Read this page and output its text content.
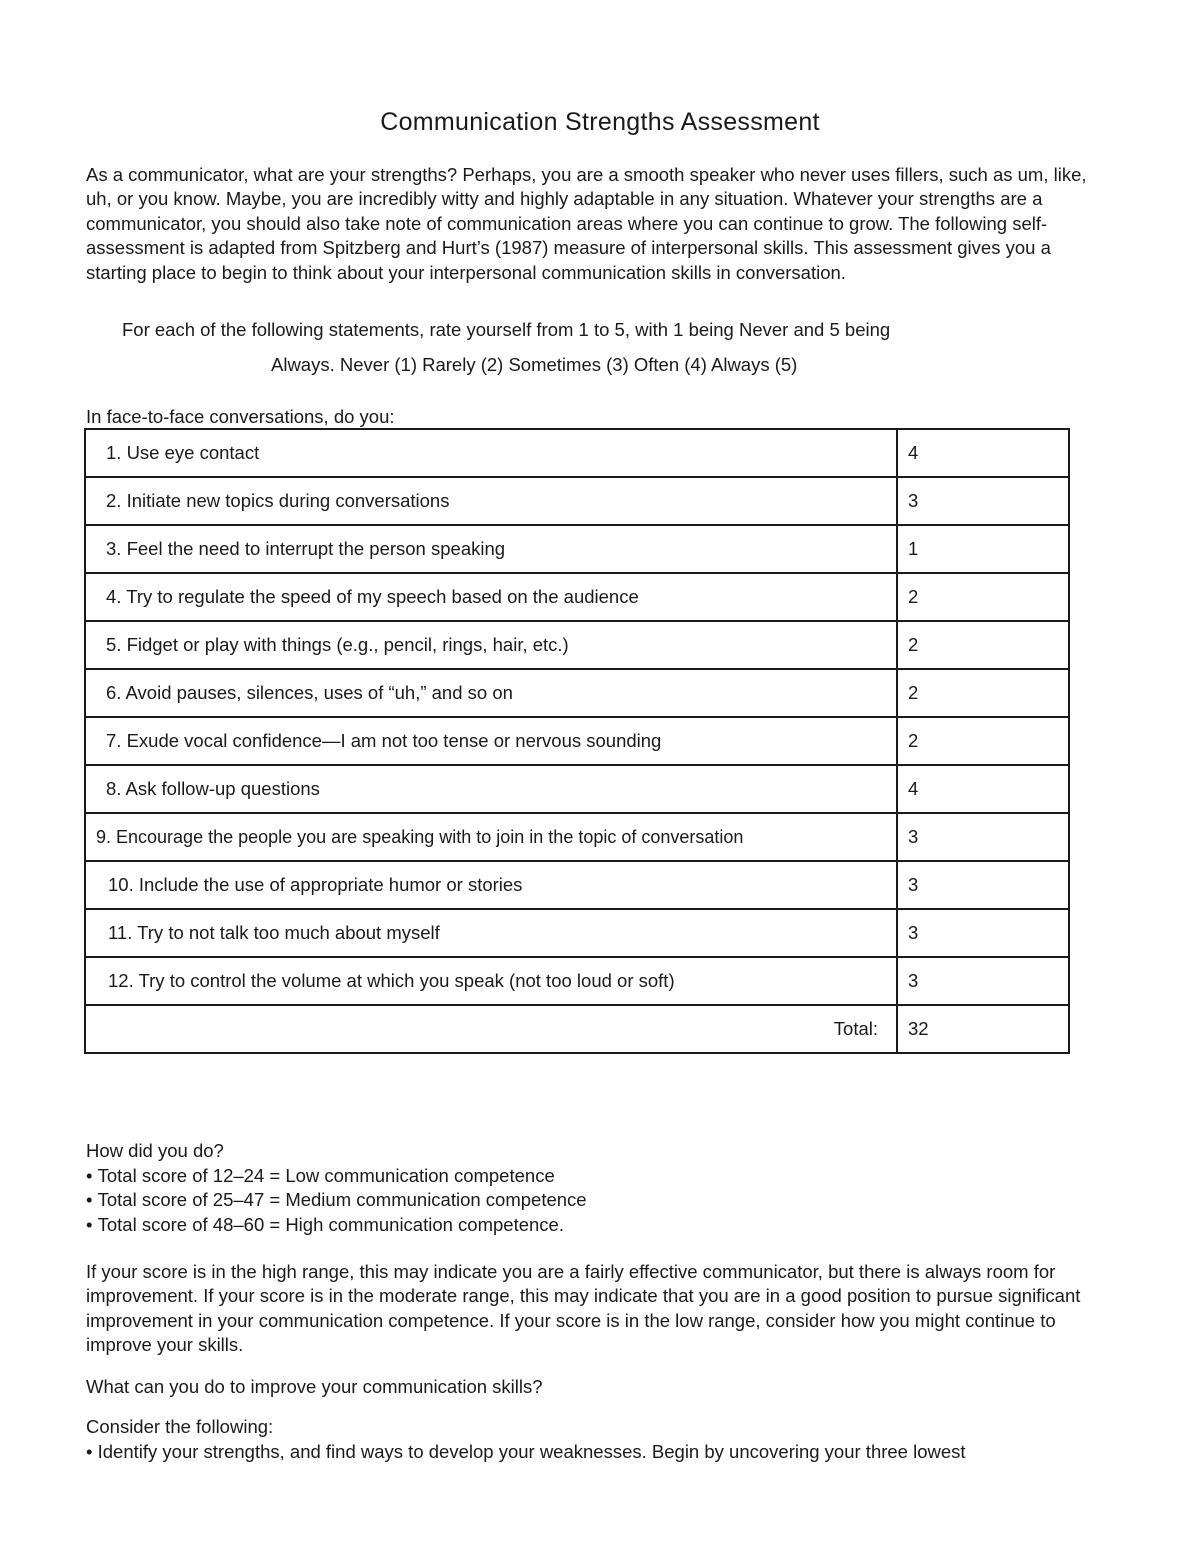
Communication Strengths Assessment

As a communicator, what are your strengths? Perhaps, you are a smooth speaker who never uses fillers, such as um, like, uh, or you know. Maybe, you are incredibly witty and highly adaptable in any situation. Whatever your strengths are a communicator, you should also take note of communication areas where you can continue to grow. The following self-assessment is adapted from Spitzberg and Hurt’s (1987) measure of interpersonal skills. This assessment gives you a starting place to begin to think about your interpersonal communication skills in conversation.

For each of the following statements, rate yourself from 1 to 5, with 1 being Never and 5 being

Always. Never (1) Rarely (2) Sometimes (3) Often (4) Always (5)

In face-to-face conversations, do you:

1. Use eye contact	4
2. Initiate new topics during conversations	3
3. Feel the need to interrupt the person speaking	1
4. Try to regulate the speed of my speech based on the audience	2
5. Fidget or play with things (e.g., pencil, rings, hair, etc.)	2
6. Avoid pauses, silences, uses of “uh,” and so on	2
7. Exude vocal confidence—I am not too tense or nervous sounding	2
8. Ask follow-up questions	4
9. Encourage the people you are speaking with to join in the topic of conversation	3
10. Include the use of appropriate humor or stories	3
11. Try to not talk too much about myself	3
12. Try to control the volume at which you speak (not too loud or soft)	3
Total:	32

How did you do?

• Total score of 12–24 = Low communication competence
• Total score of 25–47 = Medium communication competence
• Total score of 48–60 = High communication competence.

If your score is in the high range, this may indicate you are a fairly effective communicator, but there is always room for improvement. If your score is in the moderate range, this may indicate that you are in a good position to pursue significant improvement in your communication competence. If your score is in the low range, consider how you might continue to improve your skills.

What can you do to improve your communication skills?

Consider the following:

• Identify your strengths, and find ways to develop your weaknesses. Begin by uncovering your three lowest
